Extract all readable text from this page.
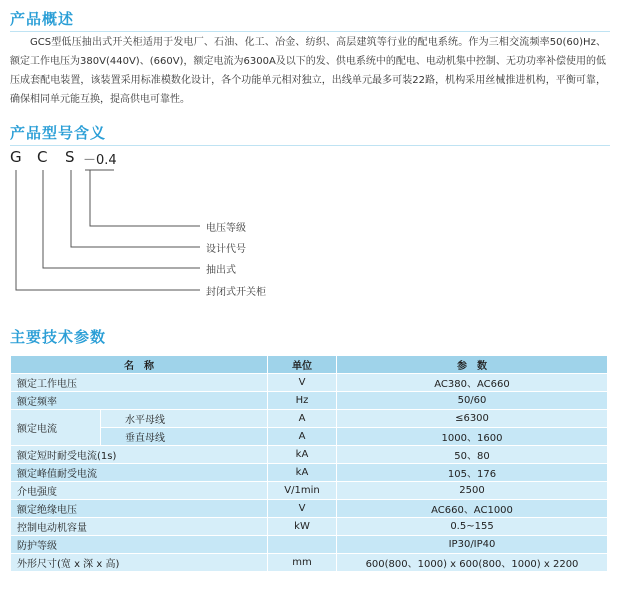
产品概述
GCS型低压抽出式开关柜适用于发电厂、石油、化工、冶金、纺织、高层建筑等行业的配电系统。作为三相交流频率50(60)Hz、额定工作电压为380V(440V)、(660V)，额定电流为6300A及以下的发、供电系统中的配电、电动机集中控制、无功功率补偿使用的低压成套配电装置，该装置采用标准模数化设计，各个功能单元相对独立，出线单元最多可装22路，机构采用丝械推进机构，平衡可靠，确保相同单元能互换，提高供电可靠性。
产品型号含义
G C S －0.4
电压等级
设计代号
抽出式
封闭式开关柜
主要技术参数
名　称		单位	参　数
额定工作电压		V	AC380、AC660
额定频率		Hz	50/60
额定电流	水平母线	A	≤6300
	垂直母线	A	1000、1600
额定短时耐受电流(1s)		kA	50、80
额定峰值耐受电流		kA	105、176
介电强度		V/1min	2500
额定绝缘电压		V	AC660、AC1000
控制电动机容量		kW	0.5~155
防护等级			IP30/IP40
外形尺寸(宽 x 深 x 高)		mm	600(800、1000) x 600(800、1000) x 2200
